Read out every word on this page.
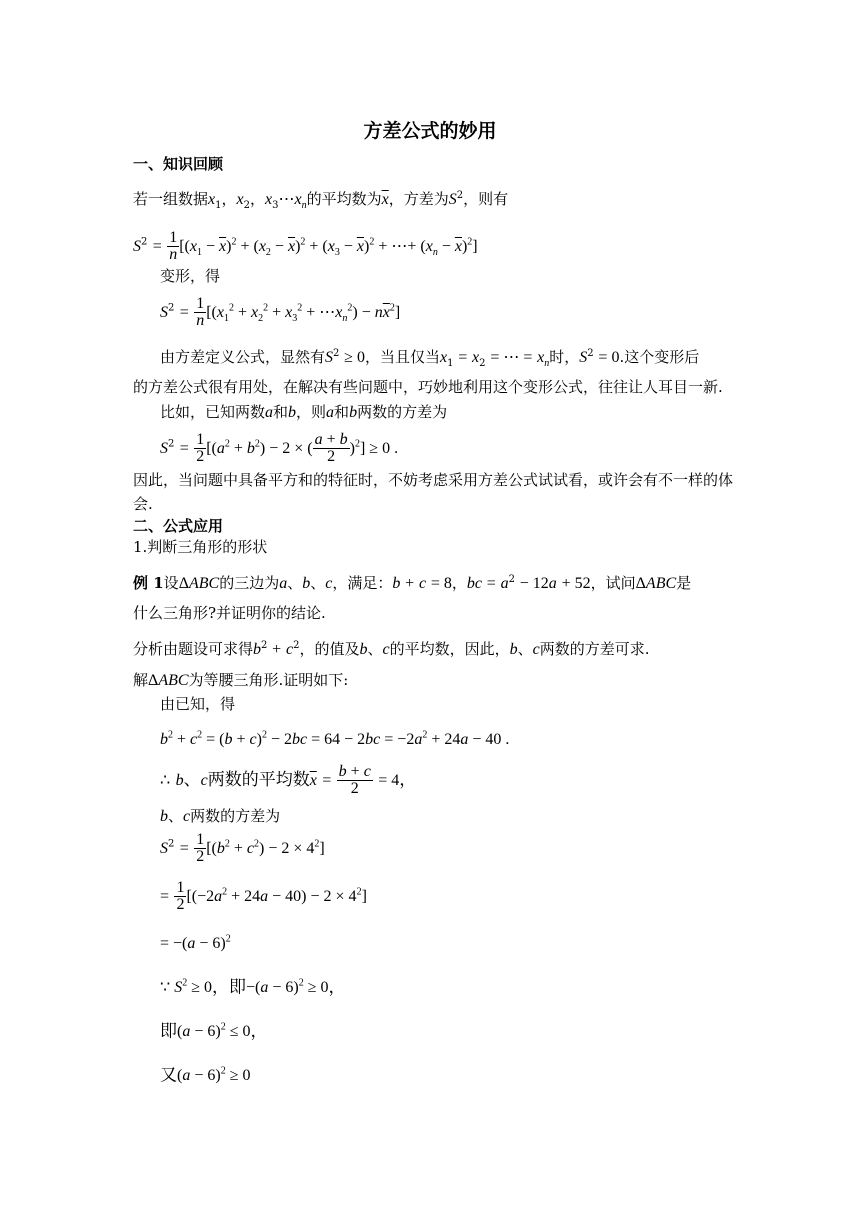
方差公式的妙用
一、知识回顾
若一组数据$x_1$，$x_2$，$x_3\cdots x_n$的平均数为$\overline{x}$，方差为$S^2$，则有
$S^2 = \frac{1}{n} [(x_1 - \overline{x})^2 + (x_2 - \overline{x})^2 + (x_3 - \overline{x})^2$ + ⋯+ $(x_n - \overline{x})^2$]
变形，得
$S^2 = \frac{1}{n} [(x_1^2 + x_2^2 + x_3^2$ + $\cdots x_n^2) - n\overline{x}^2$]
由方差定义公式，显然有$S^2 \ge 0$，当且仅当$x_1 = x_2$ = ⋯ = $x_n$时，$S^2 = 0$.这个变形后
的方差公式很有用处，在解决有些问题中，巧妙地利用这个变形公式，往往让人耳目一新.
比如，已知两数a和b，则a和b两数的方差为
$S^2 = \frac{1}{2} [(a^2 + b^2) - 2$ × ( $\frac{a + b}{2} )^2] \ge 0$ .
因此，当问题中具备平方和的特征时，不妨考虑采用方差公式试试看，或许会有不一样的体
会.
二、公式应用
1.判断三角形的形状
例 1设ΔABC的三边为a、b、c，满足：b + c = 8，bc = $a^2 - 12a + 52$，试问ΔABC是
什么三角形?并证明你的结论.
分析由题设可求得$b^2 + c^2$，的值及b、c的平均数，因此，b、c两数的方差可求.
解ΔABC为等腰三角形.证明如下:
由已知，得
$b^2 + c^2 = (b + c)^2 - 2bc = 64 - 2bc = -2a^2 + 24a - 40$ .
∴ b、c两数的平均数$\overline{x} = \frac{b + c}{2} = 4$，
b、c两数的方差为
$S^2 = \frac{1}{2} [(b^2 + c^2) - 2 \times 4^2]$
= $\frac{1}{2} [(-2a^2 + 24a - 40) - 2 \times 4^2]$
= $-(a - 6)^2$
∵ $S^2 \ge 0$，即$-(a - 6)^2 \ge 0$，
即$(a - 6)^2 \le 0$，
又$(a - 6)^2 \ge 0$
